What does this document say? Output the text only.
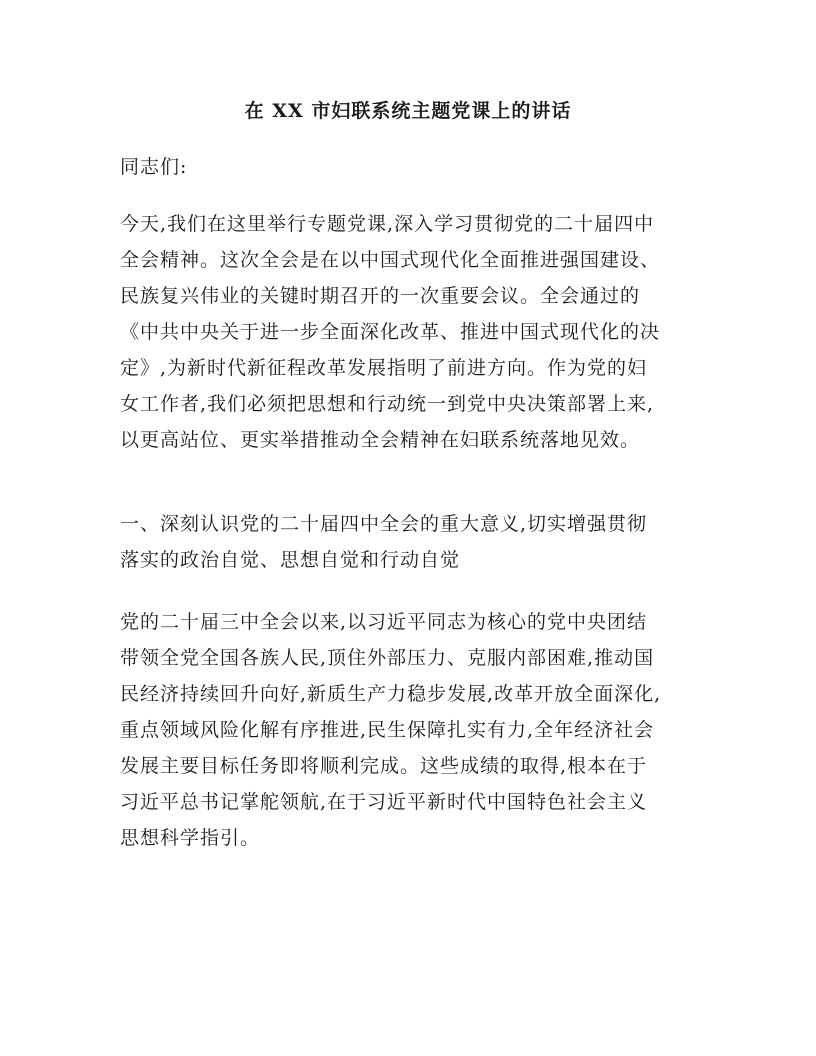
在 XX 市妇联系统主题党课上的讲话
同志们:
今天,我们在这里举行专题党课,深入学习贯彻党的二十届四中
全会精神。这次全会是在以中国式现代化全面推进强国建设、
民族复兴伟业的关键时期召开的一次重要会议。全会通过的
《中共中央关于进一步全面深化改革、推进中国式现代化的决
定》,为新时代新征程改革发展指明了前进方向。作为党的妇
女工作者,我们必须把思想和行动统一到党中央决策部署上来,
以更高站位、更实举措推动全会精神在妇联系统落地见效。
一、深刻认识党的二十届四中全会的重大意义,切实增强贯彻
落实的政治自觉、思想自觉和行动自觉
党的二十届三中全会以来,以习近平同志为核心的党中央团结
带领全党全国各族人民,顶住外部压力、克服内部困难,推动国
民经济持续回升向好,新质生产力稳步发展,改革开放全面深化,
重点领域风险化解有序推进,民生保障扎实有力,全年经济社会
发展主要目标任务即将顺利完成。这些成绩的取得,根本在于
习近平总书记掌舵领航,在于习近平新时代中国特色社会主义
思想科学指引。
